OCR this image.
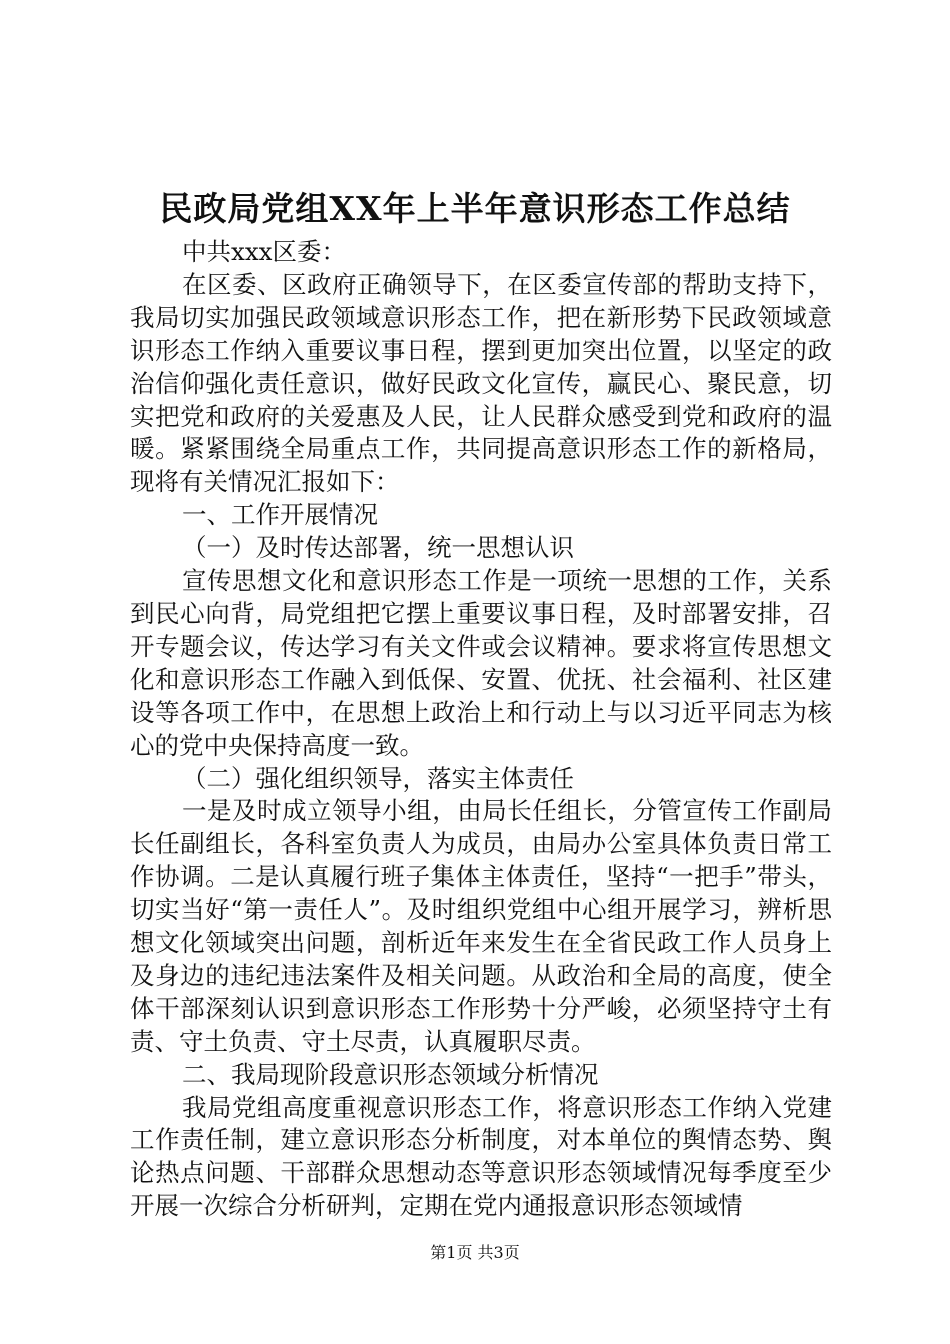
民政局党组XX年上半年意识形态工作总结

中共xxx区委：

在区委、区政府正确领导下，在区委宣传部的帮助支持下，我局切实加强民政领域意识形态工作，把在新形势下民政领域意识形态工作纳入重要议事日程，摆到更加突出位置，以坚定的政治信仰强化责任意识，做好民政文化宣传，赢民心、聚民意，切实把党和政府的关爱惠及人民，让人民群众感受到党和政府的温暖。紧紧围绕全局重点工作，共同提高意识形态工作的新格局，现将有关情况汇报如下：

一、工作开展情况

（一）及时传达部署，统一思想认识

宣传思想文化和意识形态工作是一项统一思想的工作，关系到民心向背，局党组把它摆上重要议事日程，及时部署安排，召开专题会议，传达学习有关文件或会议精神。要求将宣传思想文化和意识形态工作融入到低保、安置、优抚、社会福利、社区建设等各项工作中，在思想上政治上和行动上与以习近平同志为核心的党中央保持高度一致。

（二）强化组织领导，落实主体责任

一是及时成立领导小组，由局长任组长，分管宣传工作副局长任副组长，各科室负责人为成员，由局办公室具体负责日常工作协调。二是认真履行班子集体主体责任，坚持“一把手”带头，切实当好“第一责任人”。及时组织党组中心组开展学习，辨析思想文化领域突出问题，剖析近年来发生在全省民政工作人员身上及身边的违纪违法案件及相关问题。从政治和全局的高度，使全体干部深刻认识到意识形态工作形势十分严峻，必须坚持守土有责、守土负责、守土尽责，认真履职尽责。

二、我局现阶段意识形态领域分析情况

我局党组高度重视意识形态工作，将意识形态工作纳入党建工作责任制，建立意识形态分析制度，对本单位的舆情态势、舆论热点问题、干部群众思想动态等意识形态领域情况每季度至少开展一次综合分析研判，定期在党内通报意识形态领域情

第1页 共3页
